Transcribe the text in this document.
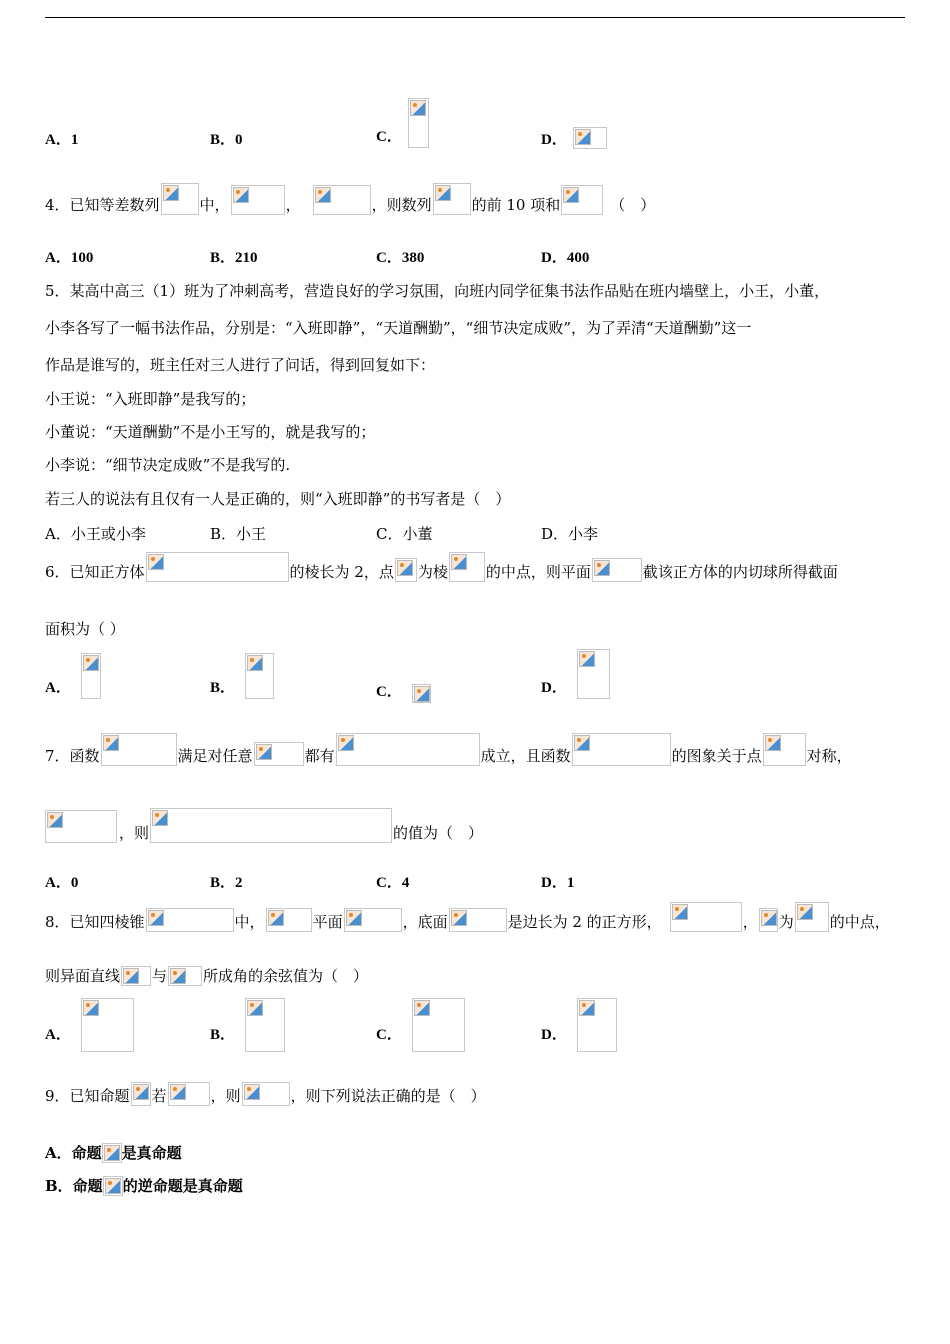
A．1	B．0	C．	D．
4．已知等差数列	中，	，	，则数列	的前 10 项和	（　）
A．100	B．210	C．380	D．400
5．某高中高三（1）班为了冲刺高考，营造良好的学习氛围，向班内同学征集书法作品贴在班内墙壁上，小王，小董，
小李各写了一幅书法作品，分别是：“入班即静”，“天道酬勤”，“细节决定成败”，为了弄清“天道酬勤”这一
作品是谁写的，班主任对三人进行了问话，得到回复如下：
小王说：“入班即静”是我写的；
小董说：“天道酬勤”不是小王写的，就是我写的；
小李说：“细节决定成败”不是我写的.
若三人的说法有且仅有一人是正确的，则“入班即静”的书写者是（　）
A．小王或小李	B．小王	C．小董	D．小李
6．已知正方体	的棱长为 2，点 为棱	的中点，则平面	截该正方体的内切球所得截面
面积为（ ）
A．	B．	C．	D．
7．函数	满足对任意	都有	成立，且函数	的图象关于点	对称，
，则	的值为（　）
A．0	B．2	C．4	D．1
8．已知四棱锥	中，	平面	，底面	是边长为 2 的正方形，	， 为 的中点，
则异面直线 与 所成角的余弦值为（　）
A．	B．	C．	D．
9．已知命题 若	，则	，则下列说法正确的是（　）
A．命题 是真命题
B．命题 的逆命题是真命题
